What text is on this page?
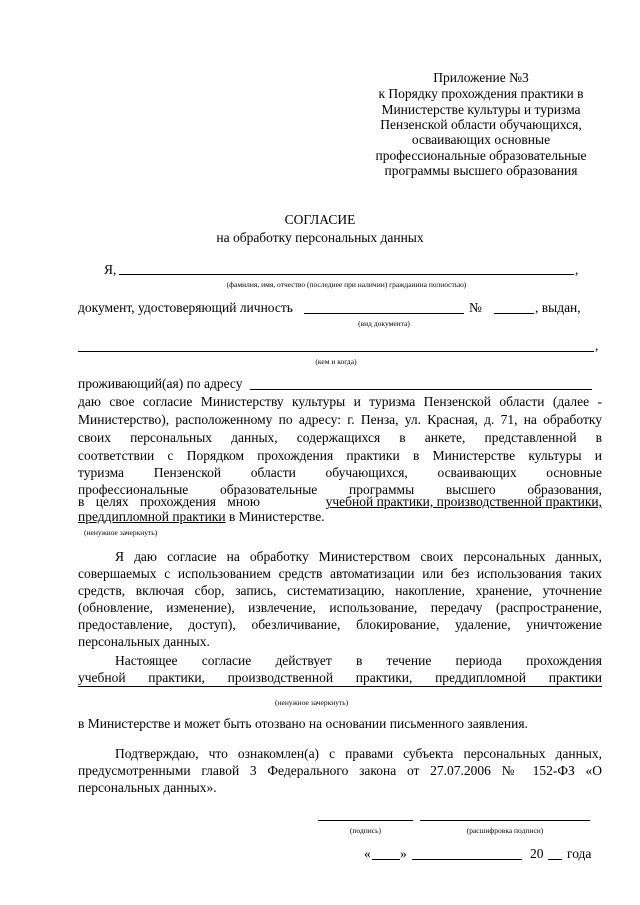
Приложение №3
к Порядку прохождения практики в
Министерстве культуры и туризма
Пензенской области обучающихся,
осваивающих основные
профессиональные образовательные
программы высшего образования
СОГЛАСИЕ
на обработку персональных данных
Я,	,
(фамилия, имя, отчество (последнее при наличии) гражданина полностью)
документ, удостоверяющий личность	№	, выдан,
(вид документа)
,
(кем и когда)
проживающий(ая) по адресу
даю свое согласие Министерству культуры и туризма Пензенской области (далее -
Министерство), расположенному по адресу: г. Пенза, ул. Красная, д. 71, на обработку
своих персональных данных, содержащихся в анкете, представленной в
соответствии с Порядком прохождения практики в Министерстве культуры и
туризма Пензенской области обучающихся, осваивающих основные
профессиональные образовательные программы высшего образования,
в целях прохождения мною	учебной практики, производственной практики,
преддипломной практики в Министерстве.
(ненужное зачеркнуть)
Я даю согласие на обработку Министерством своих персональных данных,
совершаемых с использованием средств автоматизации или без использования таких
средств, включая сбор, запись, систематизацию, накопление, хранение, уточнение
(обновление, изменение), извлечение, использование, передачу (распространение,
предоставление, доступ), обезличивание, блокирование, удаление, уничтожение
персональных данных.
Настоящее согласие действует в течение периода прохождения
учебной практики, производственной практики, преддипломной практики
(ненужное зачеркнуть)
в Министерстве и может быть отозвано на основании письменного заявления.
Подтверждаю, что ознакомлен(а) с правами субъекта персональных данных,
предусмотренными главой 3 Федерального закона от 27.07.2006 № 152-ФЗ «О
персональных данных».
(подпись)	(расшифровка подписи)
« »	20 года
